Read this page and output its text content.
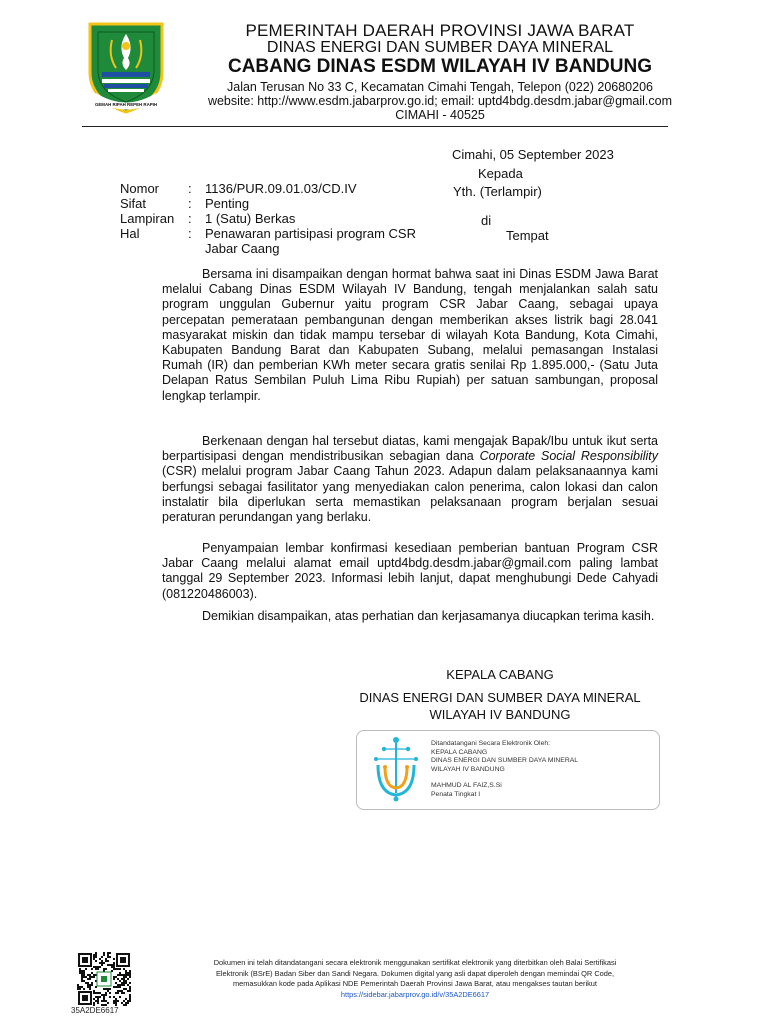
GEMAH RIPAH REPEH RAPIH
PEMERINTAH DAERAH PROVINSI JAWA BARAT
DINAS ENERGI DAN SUMBER DAYA MINERAL
CABANG DINAS ESDM WILAYAH IV BANDUNG
Jalan Terusan No 33 C, Kecamatan Cimahi Tengah, Telepon (022) 20680206
website: http://www.esdm.jabarprov.go.id; email: uptd4bdg.desdm.jabar@gmail.com
CIMAHI - 40525
Cimahi, 05 September 2023
Kepada
Yth. (Terlampir)
di
Tempat
Nomor	:	1136/PUR.09.01.03/CD.IV
Sifat	:	Penting
Lampiran	:	1 (Satu) Berkas
Hal	:	Penawaran partisipasi program CSR Jabar Caang
Bersama ini disampaikan dengan hormat bahwa saat ini Dinas ESDM Jawa Barat melalui Cabang Dinas ESDM Wilayah IV Bandung, tengah menjalankan salah satu program unggulan Gubernur yaitu program CSR Jabar Caang, sebagai upaya percepatan pemerataan pembangunan dengan memberikan akses listrik bagi 28.041 masyarakat miskin dan tidak mampu tersebar di wilayah Kota Bandung, Kota Cimahi, Kabupaten Bandung Barat dan Kabupaten Subang, melalui pemasangan Instalasi Rumah (IR) dan pemberian KWh meter secara gratis senilai Rp 1.895.000,- (Satu Juta Delapan Ratus Sembilan Puluh Lima Ribu Rupiah) per satuan sambungan, proposal lengkap terlampir.
Berkenaan dengan hal tersebut diatas, kami mengajak Bapak/Ibu untuk ikut serta berpartisipasi dengan mendistribusikan sebagian dana Corporate Social Responsibility (CSR) melalui program Jabar Caang Tahun 2023. Adapun dalam pelaksanaannya kami berfungsi sebagai fasilitator yang menyediakan calon penerima, calon lokasi dan calon instalatir bila diperlukan serta memastikan pelaksanaan program berjalan sesuai peraturan perundangan yang berlaku.
Penyampaian lembar konfirmasi kesediaan pemberian bantuan Program CSR Jabar Caang melalui alamat email uptd4bdg.desdm.jabar@gmail.com paling lambat tanggal 29 September 2023. Informasi lebih lanjut, dapat menghubungi Dede Cahyadi (081220486003).
Demikian disampaikan, atas perhatian dan kerjasamanya diucapkan terima kasih.
KEPALA CABANG
DINAS ENERGI DAN SUMBER DAYA MINERAL
WILAYAH IV BANDUNG
Ditandatangani Secara Elektronik Oleh:
KEPALA CABANG
DINAS ENERGI DAN SUMBER DAYA MINERAL
WILAYAH IV BANDUNG
MAHMUD AL FAIZ,S.Si
Penata Tingkat I
35A2DE6617
Dokumen ini telah ditandatangani secara elektronik menggunakan sertifikat elektronik yang diterbitkan oleh Balai Sertifikasi
Elektronik (BSrE) Badan Siber dan Sandi Negara. Dokumen digital yang asli dapat diperoleh dengan memindai QR Code,
memasukkan kode pada Aplikasi NDE Pemerintah Daerah Provinsi Jawa Barat, atau mengakses tautan berikut
https://sidebar.jabarprov.go.id/v/35A2DE6617
